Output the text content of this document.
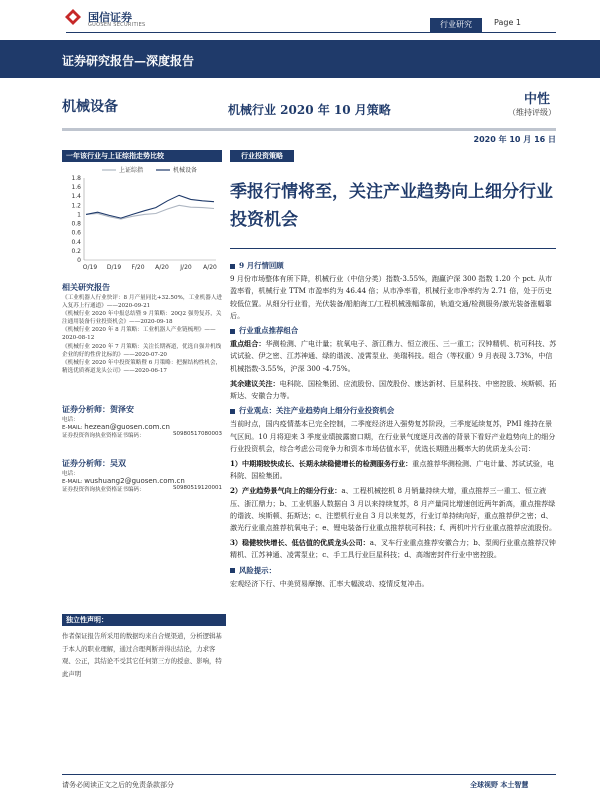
国信证券
GUOSEN SECURITIES	行业研究	Page 1
证券研究报告—深度报告
机械设备	机械行业 2020 年 10 月策略
中性
（维持评级）
2020 年 10 月 16 日
一年该行业与上证综指走势比较
上证综指	机械设备
0
0.2
0.4
0.6
0.8
1
1.2
1.4
1.6
1.8
O/19 D/19 F/20 A/20 J/20 A/20
相关研究报告

《工业机器人行业快评：8 月产量同比+32.50%，工业机器人进入复苏上行通道》——2020-09-21

《机械行业 2020 年中报总结暨 9 月策略：20Q2 强势复苏，关注通用装备行业投资机会》——2020-09-18

《机械行业 2020 年 8 月策略：工业机器人产业链梳理》——2020-08-12

《机械行业 2020 年 7 月策略：关注长期赛道，优选自强并机线企业的好的性价比标的》——2020-07-20

《机械行业 2020 年中投资策略暨 6 月策略：把握结构性机会，精选优质赛道龙头公司》——2020-06-17

证券分析师：贺泽安
电话：
E-MAIL: hezean@guosen.com.cn
证券投资咨询执业资格证书编码：	S0980517080003
证券分析师：吴双
电话：
E-MAIL: wushuang2@guosen.com.cn
证券投资咨询执业资格证书编码：	S0980519120001
独立性声明：
作者保证报告所采用的数据均来自合规渠道，分析逻辑基于本人的职业理解，通过合理判断并得出结论，力求客观、公正，其结论不受其它任何第三方的授意、影响，特此声明
行业投资策略
季报行情将至，关注产业趋势向上细分行业投资机会
9 月行情回顾

9 月份市场整体有所下降，机械行业（中信分类）指数-3.55%，跑赢沪深 300 指数 1.20 个 pct. 从市盈率看，机械行业 TTM 市盈率约为 46.44 倍；从市净率看，机械行业市净率约为 2.71 倍，处于历史较低位置。从细分行业看，光伏装备/船舶海工/工程机械涨幅靠前，轨道交通/检测服务/激光装备涨幅靠后。

行业重点推荐组合

重点组合：华测检测、广电计量；杭氧电子、浙江鼎力、恒立液压、三一重工；汉钟精机、杭可科技、苏试试验、伊之密、江苏神通、绿的谐波、凌霄泵业、美瑞科技。组合（等权重）9 月表现 3.73%，中信机械指数-3.55%，沪深 300 -4.75%。

其余建议关注：电科院、国检集团、应流股份、国茂股份、康达新材、巨星科技、中密控股、埃斯顿、拓斯达、安徽合力等。

行业观点：关注产业趋势向上细分行业投资机会

当前时点，国内疫情基本已完全控制，二季度经济进入强势复苏阶段，三季度延续复苏，PMI 维持在景气区间。10 月将迎来 3 季度业绩披露窗口期，在行业景气度逐月改善的背景下看好产业趋势向上的细分行业投资机会，综合考虑公司竞争力和资本市场估值水平，优选长期胜出概率大的优质龙头公司：

1）中期期较快成长、长期永续稳健增长的检测服务行业：重点推荐华测检测、广电计量、苏试试验，电科院、国检集团。

2）产业趋势景气向上的细分行业：a、工程机械挖机 8 月销量持续大增，重点推荐三一重工、恒立液压、浙江鼎力；b、工业机器人数据自 3 月以来持续复苏，8 月产量同比增速创近两年新高，重点推荐绿的谐波、埃斯顿、拓斯达；c、注塑机行业自 3 月以来复苏，行业订单持续向好，重点推荐伊之密；d、激光行业重点推荐杭氧电子；e、锂电装备行业重点推荐杭可科技；f、两机叶片行业重点推荐应流股份。

3）稳健较快增长、低估值的优质龙头公司：a、叉车行业重点推荐安徽合力；b、泵阀行业重点推荐汉钟精机、江苏神通、凌霄泵业；c、手工具行业巨星科技；d、高端密封件行业中密控股。

风险提示：

宏观经济下行、中美贸易摩擦、汇率大幅波动、疫情反复冲击。

请务必阅读正文之后的免责条款部分	全球视野 本土智慧
